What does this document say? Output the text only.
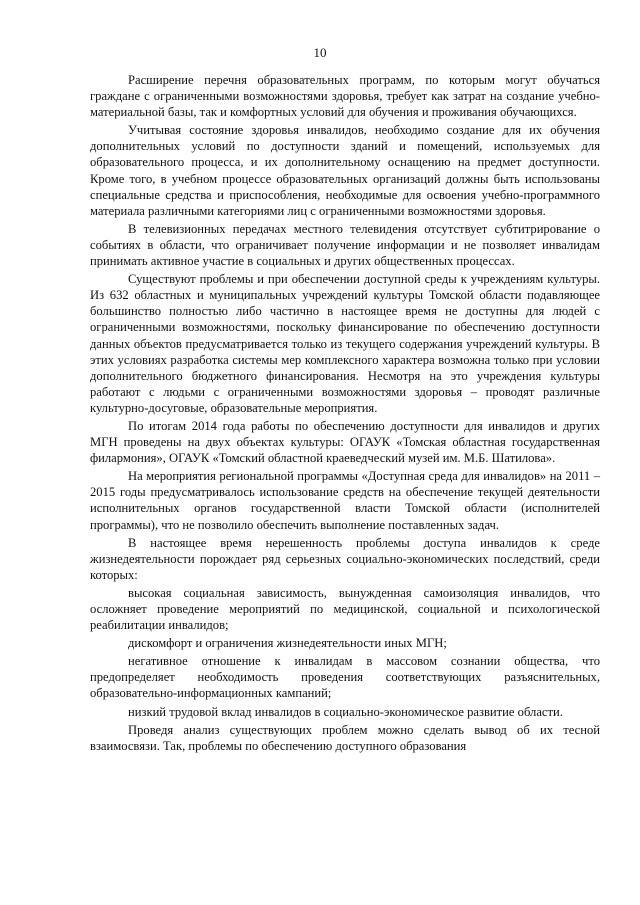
10

Расширение перечня образовательных программ, по которым могут обучаться граждане с ограниченными возможностями здоровья, требует как затрат на создание учебно-материальной базы, так и комфортных условий для обучения и проживания обучающихся.

Учитывая состояние здоровья инвалидов, необходимо создание для их обучения дополнительных условий по доступности зданий и помещений, используемых для образовательного процесса, и их дополнительному оснащению на предмет доступности. Кроме того, в учебном процессе образовательных организаций должны быть использованы специальные средства и приспособления, необходимые для освоения учебно-программного материала различными категориями лиц с ограниченными возможностями здоровья.

В телевизионных передачах местного телевидения отсутствует субтитрирование о событиях в области, что ограничивает получение информации и не позволяет инвалидам принимать активное участие в социальных и других общественных процессах.

Существуют проблемы и при обеспечении доступной среды к учреждениям культуры. Из 632 областных и муниципальных учреждений культуры Томской области подавляющее большинство полностью либо частично в настоящее время не доступны для людей с ограниченными возможностями, поскольку финансирование по обеспечению доступности данных объектов предусматривается только из текущего содержания учреждений культуры. В этих условиях разработка системы мер комплексного характера возможна только при условии дополнительного бюджетного финансирования. Несмотря на это учреждения культуры работают с людьми с ограниченными возможностями здоровья – проводят различные культурно-досуговые, образовательные мероприятия.

По итогам 2014 года работы по обеспечению доступности для инвалидов и других МГН проведены на двух объектах культуры: ОГАУК «Томская областная государственная филармония», ОГАУК «Томский областной краеведческий музей им. М.Б. Шатилова».

На мероприятия региональной программы «Доступная среда для инвалидов» на 2011 – 2015 годы предусматривалось использование средств на обеспечение текущей деятельности исполнительных органов государственной власти Томской области (исполнителей программы), что не позволило обеспечить выполнение поставленных задач.

В настоящее время нерешенность проблемы доступа инвалидов к среде жизнедеятельности порождает ряд серьезных социально-экономических последствий, среди которых:

высокая социальная зависимость, вынужденная самоизоляция инвалидов, что осложняет проведение мероприятий по медицинской, социальной и психологической реабилитации инвалидов;

дискомфорт и ограничения жизнедеятельности иных МГН;

негативное отношение к инвалидам в массовом сознании общества, что предопределяет необходимость проведения соответствующих разъяснительных, образовательно-информационных кампаний;

низкий трудовой вклад инвалидов в социально-экономическое развитие области.

Проведя анализ существующих проблем можно сделать вывод об их тесной взаимосвязи. Так, проблемы по обеспечению доступного образования
